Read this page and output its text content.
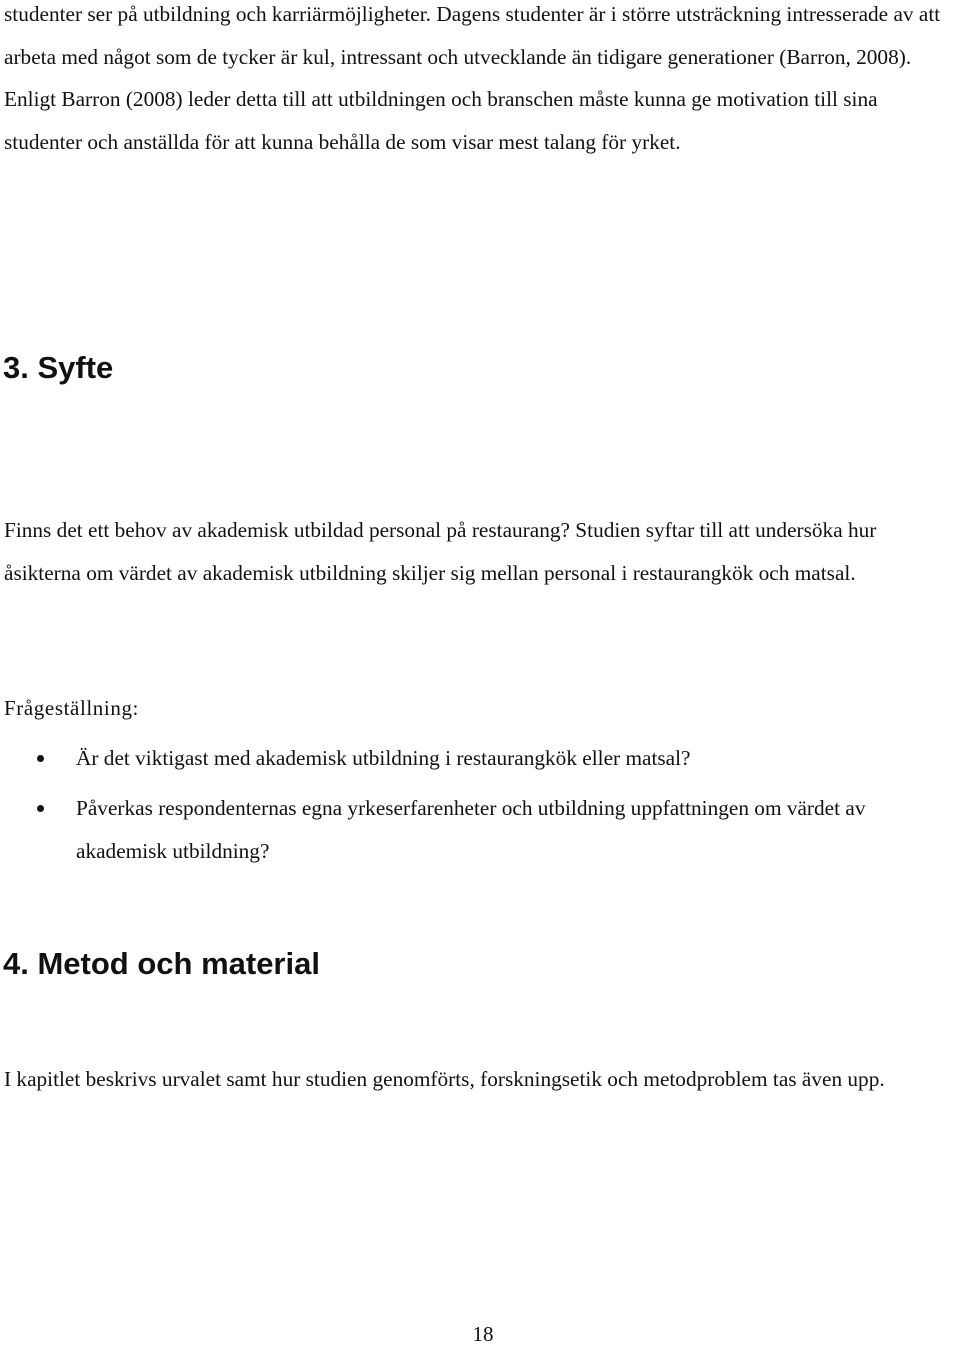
studenter ser på utbildning och karriärmöjligheter. Dagens studenter är i större utsträckning intresserade av att arbeta med något som de tycker är kul, intressant och utvecklande än tidigare generationer (Barron, 2008). Enligt Barron (2008) leder detta till att utbildningen och branschen måste kunna ge motivation till sina studenter och anställda för att kunna behålla de som visar mest talang för yrket.

3. Syfte

Finns det ett behov av akademisk utbildad personal på restaurang? Studien syftar till att undersöka hur åsikterna om värdet av akademisk utbildning skiljer sig mellan personal i restaurangkök och matsal.

Frågeställning:

Är det viktigast med akademisk utbildning i restaurangkök eller matsal?

Påverkas respondenternas egna yrkeserfarenheter och utbildning uppfattningen om värdet av akademisk utbildning?

4. Metod och material

I kapitlet beskrivs urvalet samt hur studien genomförts, forskningsetik och metodproblem tas även upp.

18
